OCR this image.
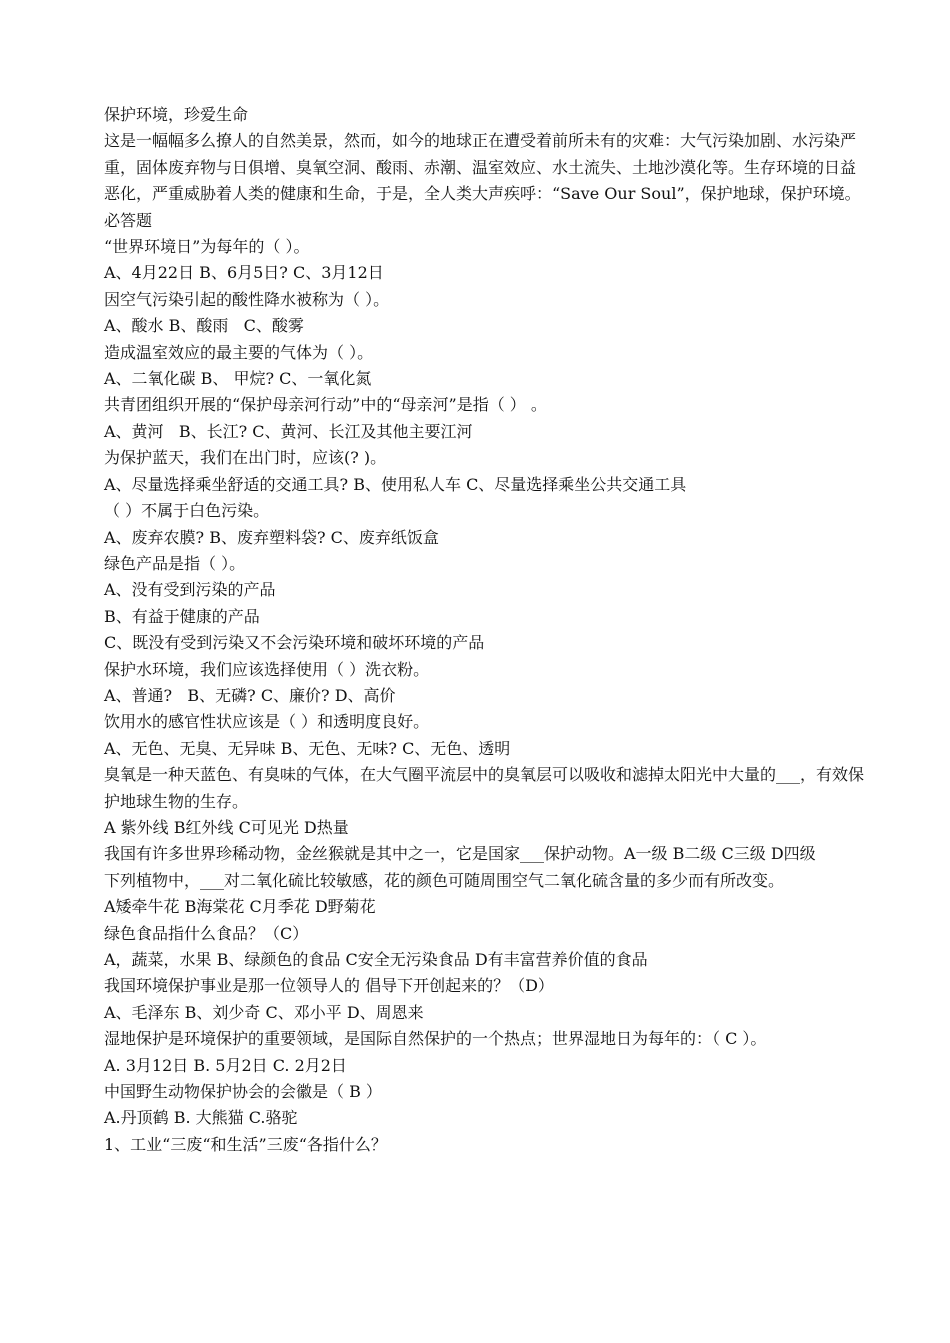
保护环境，珍爱生命

这是一幅幅多么撩人的自然美景，然而，如今的地球正在遭受着前所未有的灾难：大气污染加剧、水污染严重，固体废弃物与日俱增、臭氧空洞、酸雨、赤潮、温室效应、水土流失、土地沙漠化等。生存环境的日益恶化，严重威胁着人类的健康和生命，于是，全人类大声疾呼：“Save Our Soul”，保护地球，保护环境。

必答题

“世界环境日”为每年的（ ）。

A、4月22日 B、6月5日? C、3月12日

因空气污染引起的酸性降水被称为（ ）。

A、酸水 B、酸雨   C、酸雾

造成温室效应的最主要的气体为（ ）。

A、二氧化碳 B、 甲烷? C、一氧化氮

共青团组织开展的“保护母亲河行动”中的“母亲河”是指（ ） 。

A、黄河   B、长江? C、黄河、长江及其他主要江河

为保护蓝天，我们在出门时，应该(? )。

A、尽量选择乘坐舒适的交通工具? B、使用私人车 C、尽量选择乘坐公共交通工具

（ ）不属于白色污染。

A、废弃农膜? B、废弃塑料袋? C、废弃纸饭盒

绿色产品是指（ ）。

A、没有受到污染的产品

B、有益于健康的产品

C、既没有受到污染又不会污染环境和破坏环境的产品

保护水环境，我们应该选择使用（ ）洗衣粉。

A、普通?   B、无磷? C、廉价? D、高价

饮用水的感官性状应该是（ ）和透明度良好。

A、无色、无臭、无异味 B、无色、无味? C、无色、透明

臭氧是一种天蓝色、有臭味的气体，在大气圈平流层中的臭氧层可以吸收和滤掉太阳光中大量的___，有效保护地球生物的生存。

A 紫外线 B红外线 C可见光 D热量

我国有许多世界珍稀动物，金丝猴就是其中之一，它是国家___保护动物。A一级 B二级 C三级 D四级

下列植物中，___对二氧化硫比较敏感，花的颜色可随周围空气二氧化硫含量的多少而有所改变。

A矮牵牛花 B海棠花 C月季花 D野菊花

绿色食品指什么食品？（C）

A，蔬菜，水果 B、绿颜色的食品 C安全无污染食品 D有丰富营养价值的食品

我国环境保护事业是那一位领导人的 倡导下开创起来的？（D）

A、毛泽东 B、刘少奇 C、邓小平 D、周恩来

湿地保护是环境保护的重要领域，是国际自然保护的一个热点；世界湿地日为每年的：（ C ）。

A. 3月12日 B. 5月2日 C. 2月2日

中国野生动物保护协会的会徽是（ B ）

A.丹顶鹤 B. 大熊猫 C.骆驼

1、工业“三废“和生活”三废“各指什么？
